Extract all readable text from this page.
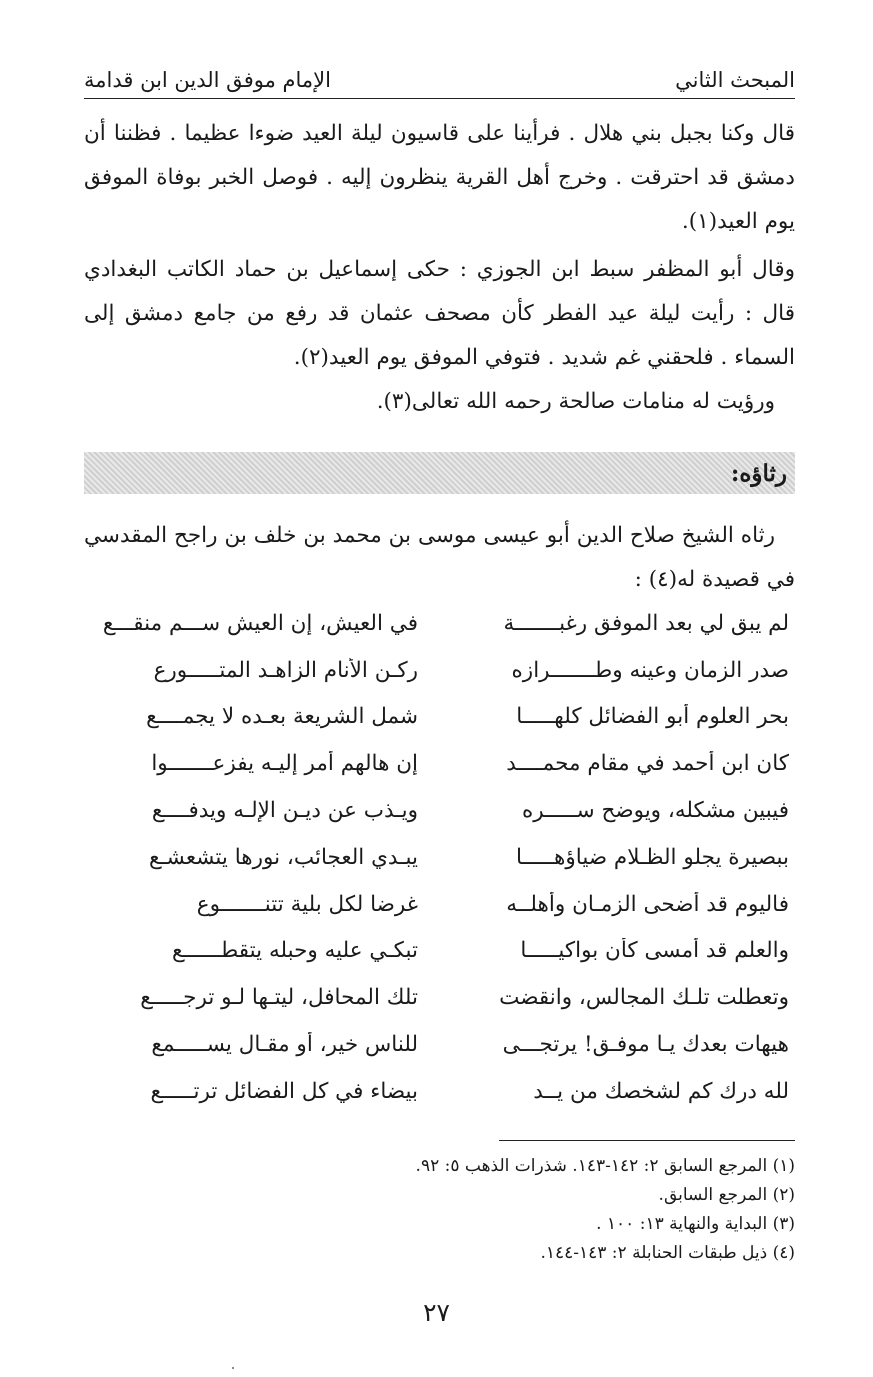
المبحث الثاني
الإمام موفق الدين ابن قدامة
قال وكنا بجبل بني هلال . فرأينا على قاسيون ليلة العيد ضوءا عظيما . فظننا أن دمشق قد احترقت . وخرج أهل القرية ينظرون إليه . فوصل الخبر بوفاة الموفق يوم العيد(١).
وقال أبو المظفر سبط ابن الجوزي : حكى إسماعيل بن حماد الكاتب البغدادي قال : رأيت ليلة عيد الفطر كأن مصحف عثمان قد رفع من جامع دمشق إلى السماء . فلحقني غم شديد . فتوفي الموفق يوم العيد(٢).
ورؤيت له منامات صالحة رحمه الله تعالى(٣).
رثاؤه:
رثاه الشيخ صلاح الدين أبو عيسى موسى بن محمد بن خلف بن راجح المقدسي في قصيدة له(٤) :
لم يبق لي بعد الموفق رغبـــــــة
في العيش، إن العيش ســـم منقـــع
صدر الزمان وعينه وطـــــــرازه
ركـن الأنام الزاهـد المتـــــورع
بحر العلوم أبو الفضائل كلهـــــا
شمل الشريعة بعـده لا يجمــــع
كان ابن أحمد في مقام محمــــد
إن هالهم أمر إليـه يفزعـــــــوا
فيبين مشكله، ويوضح ســـــره
ويـذب عن ديـن الإلـه ويدفــــع
ببصيرة يجلو الظـلام ضياؤهـــــا
يبـدي العجائب، نورها يتشعشـع
فاليوم قد أضحى الزمـان وأهلــه
غرضا لكل بلية تتنـــــــوع
والعلم قد أمسى كأن بواكيـــــا
تبكـي عليه وحبله يتقطــــــع
وتعطلت تلـك المجالس، وانقضت
تلك المحافل، ليتـها لـو ترجـــــع
هيهات بعدك يـا موفـق! يرتجـــى
للناس خير، أو مقـال يســـــمع
لله درك كم لشخصك من يــد
بيضاء في كل الفضائل ترتـــــع
(١) المرجع السابق ٢: ١٤٢-١٤٣. شذرات الذهب ٥: ٩٢.
(٢) المرجع السابق.
(٣) البداية والنهاية ١٣: ١٠٠ .
(٤) ذيل طبقات الحنابلة ٢: ١٤٣-١٤٤.
٢٧
